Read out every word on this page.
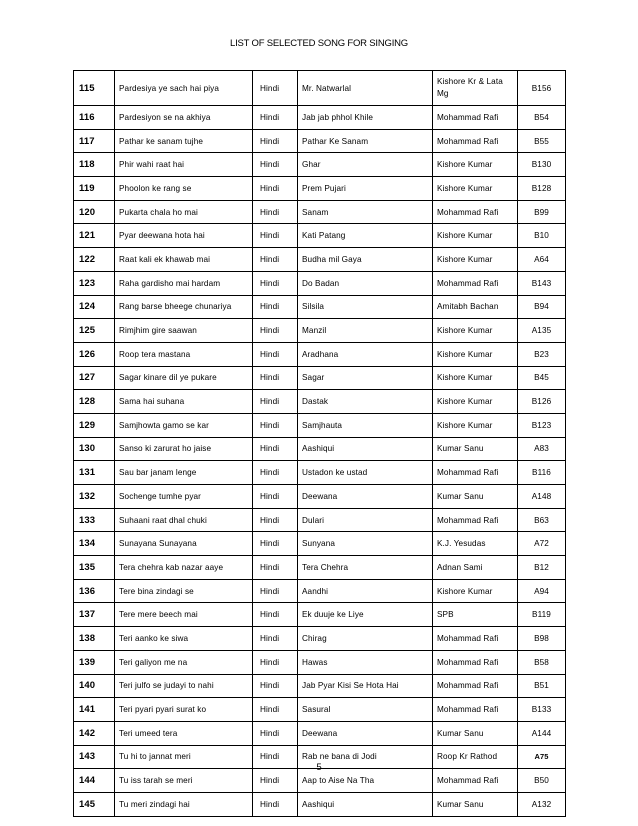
LIST OF SELECTED SONG FOR SINGING
115	Pardesiya ye sach hai piya	Hindi	Mr. Natwarlal	Kishore Kr & Lata Mg	B156
116	Pardesiyon se na akhiya	Hindi	Jab jab phhol Khile	Mohammad Rafi	B54
117	Pathar ke sanam tujhe	Hindi	Pathar Ke Sanam	Mohammad Rafi	B55
118	Phir wahi raat hai	Hindi	Ghar	Kishore Kumar	B130
119	Phoolon ke rang se	Hindi	Prem Pujari	Kishore Kumar	B128
120	Pukarta chala ho mai	Hindi	Sanam	Mohammad Rafi	B99
121	Pyar deewana hota hai	Hindi	Kati Patang	Kishore Kumar	B10
122	Raat kali ek khawab mai	Hindi	Budha mil Gaya	Kishore Kumar	A64
123	Raha gardisho mai hardam	Hindi	Do Badan	Mohammad Rafi	B143
124	Rang barse bheege chunariya	Hindi	Silsila	Amitabh Bachan	B94
125	Rimjhim gire saawan	Hindi	Manzil	Kishore Kumar	A135
126	Roop tera mastana	Hindi	Aradhana	Kishore Kumar	B23
127	Sagar kinare dil ye pukare	Hindi	Sagar	Kishore Kumar	B45
128	Sama hai suhana	Hindi	Dastak	Kishore Kumar	B126
129	Samjhowta gamo se kar	Hindi	Samjhauta	Kishore Kumar	B123
130	Sanso ki zarurat ho jaise	Hindi	Aashiqui	Kumar Sanu	A83
131	Sau bar janam lenge	Hindi	Ustadon ke ustad	Mohammad Rafi	B116
132	Sochenge tumhe pyar	Hindi	Deewana	Kumar Sanu	A148
133	Suhaani raat dhal chuki	Hindi	Dulari	Mohammad Rafi	B63
134	Sunayana Sunayana	Hindi	Sunyana	K.J. Yesudas	A72
135	Tera chehra kab nazar aaye	Hindi	Tera Chehra	Adnan Sami	B12
136	Tere bina zindagi se	Hindi	Aandhi	Kishore Kumar	A94
137	Tere mere beech mai	Hindi	Ek duuje ke Liye	SPB	B119
138	Teri aanko ke siwa	Hindi	Chirag	Mohammad Rafi	B98
139	Teri galiyon me na	Hindi	Hawas	Mohammad Rafi	B58
140	Teri julfo se judayi to nahi	Hindi	Jab Pyar Kisi Se Hota Hai	Mohammad Rafi	B51
141	Teri pyari pyari surat ko	Hindi	Sasural	Mohammad Rafi	B133
142	Teri umeed tera	Hindi	Deewana	Kumar Sanu	A144
143	Tu hi to jannat meri	Hindi	Rab ne bana di Jodi	Roop Kr Rathod	A75
144	Tu iss tarah se meri	Hindi	Aap to Aise Na Tha	Mohammad Rafi	B50
145	Tu meri zindagi hai	Hindi	Aashiqui	Kumar Sanu	A132
5
